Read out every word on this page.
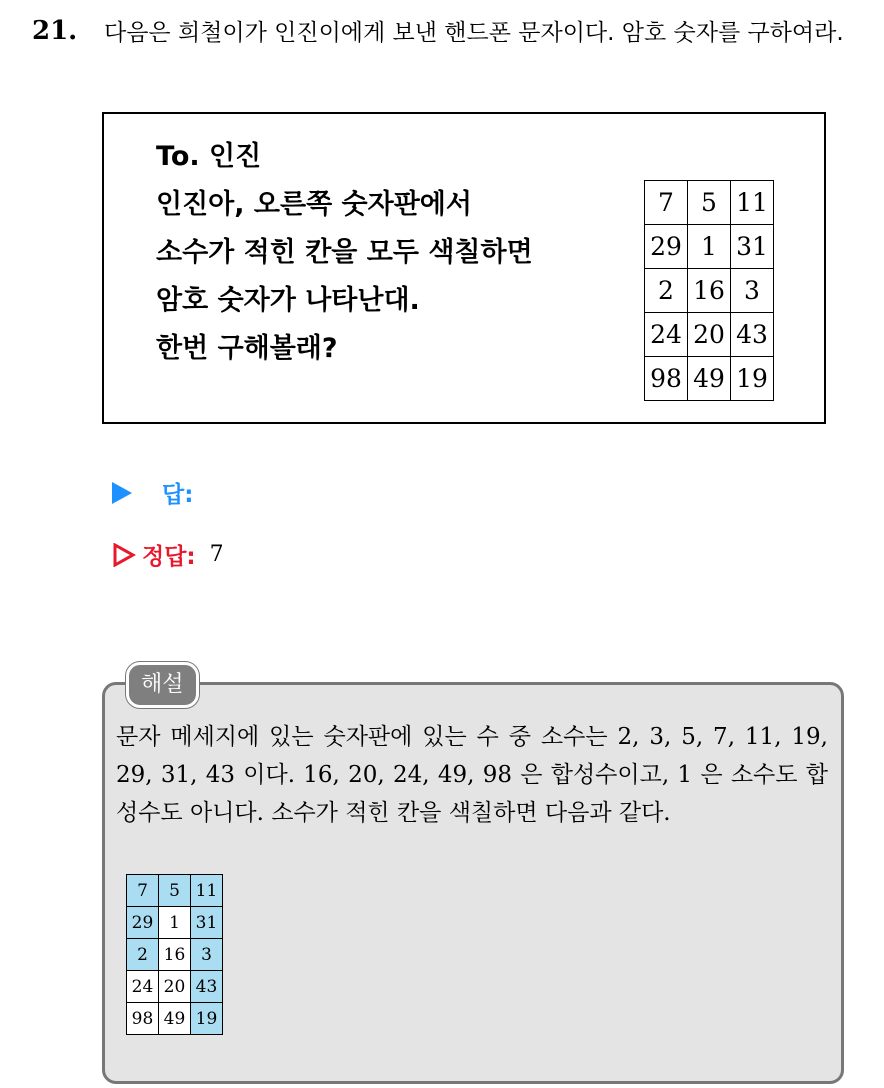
21. 다음은 희철이가 인진이에게 보낸 핸드폰 문자이다. 암호 숫자를 구하여라.
To. 인진
인진아, 오른쪽 숫자판에서
소수가 적힌 칸을 모두 색칠하면
암호 숫자가 나타난대.
한번 구해볼래?
7	5	11
29	1	31
2	16	3
24	20	43
98	49	19
답:
정답: 7
해설
문자 메세지에 있는 숫자판에 있는 수 중 소수는 2, 3, 5, 7, 11, 19, 29, 31, 43 이다. 16, 20, 24, 49, 98 은 합성수이고, 1 은 소수도 합성수도 아니다. 소수가 적힌 칸을 색칠하면 다음과 같다.
7	5	11
29	1	31
2	16	3
24	20	43
98	49	19
